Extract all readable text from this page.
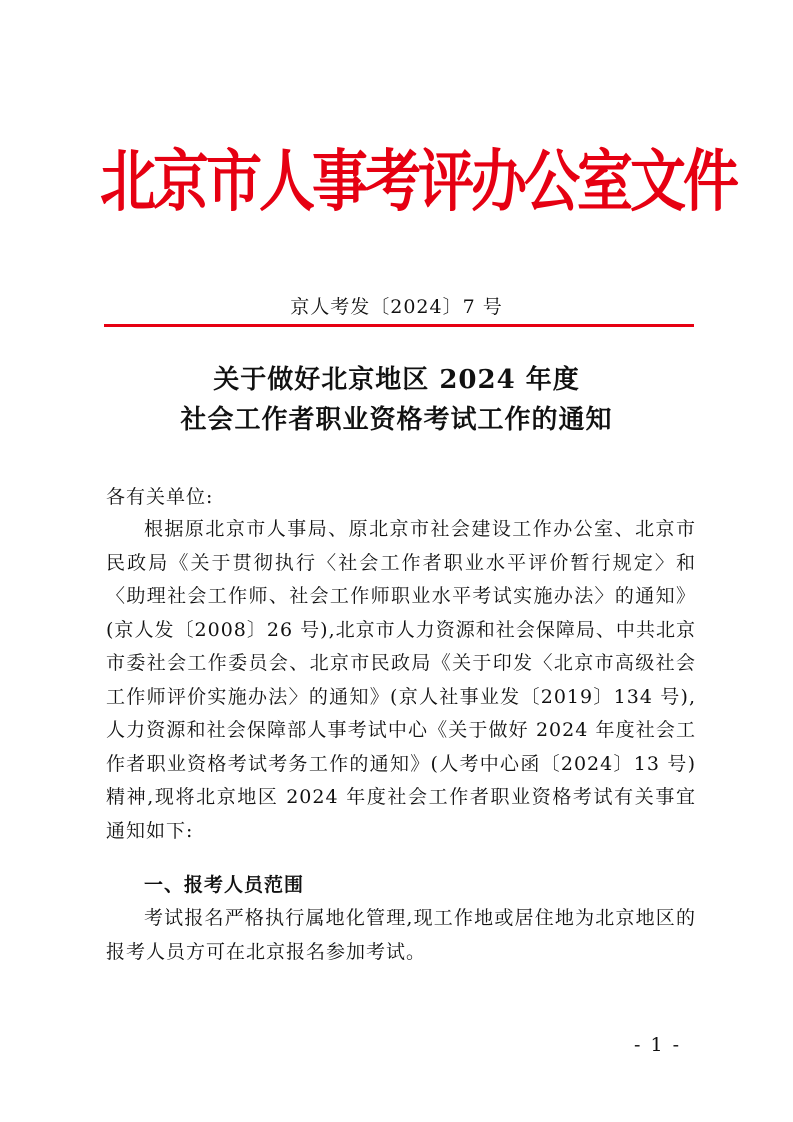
北京市人事考评办公室文件
京人考发〔2024〕7 号
关于做好北京地区 2024 年度
社会工作者职业资格考试工作的通知
各有关单位:
根据原北京市人事局、原北京市社会建设工作办公室、北京市民政局《关于贯彻执行〈社会工作者职业水平评价暂行规定〉和〈助理社会工作师、社会工作师职业水平考试实施办法〉的通知》(京人发〔2008〕26 号),北京市人力资源和社会保障局、中共北京市委社会工作委员会、北京市民政局《关于印发〈北京市高级社会工作师评价实施办法〉的通知》(京人社事业发〔2019〕134 号),人力资源和社会保障部人事考试中心《关于做好 2024 年度社会工作者职业资格考试考务工作的通知》(人考中心函〔2024〕13 号)精神,现将北京地区 2024 年度社会工作者职业资格考试有关事宜通知如下:
一、报考人员范围
考试报名严格执行属地化管理,现工作地或居住地为北京地区的报考人员方可在北京报名参加考试。
- 1 -
